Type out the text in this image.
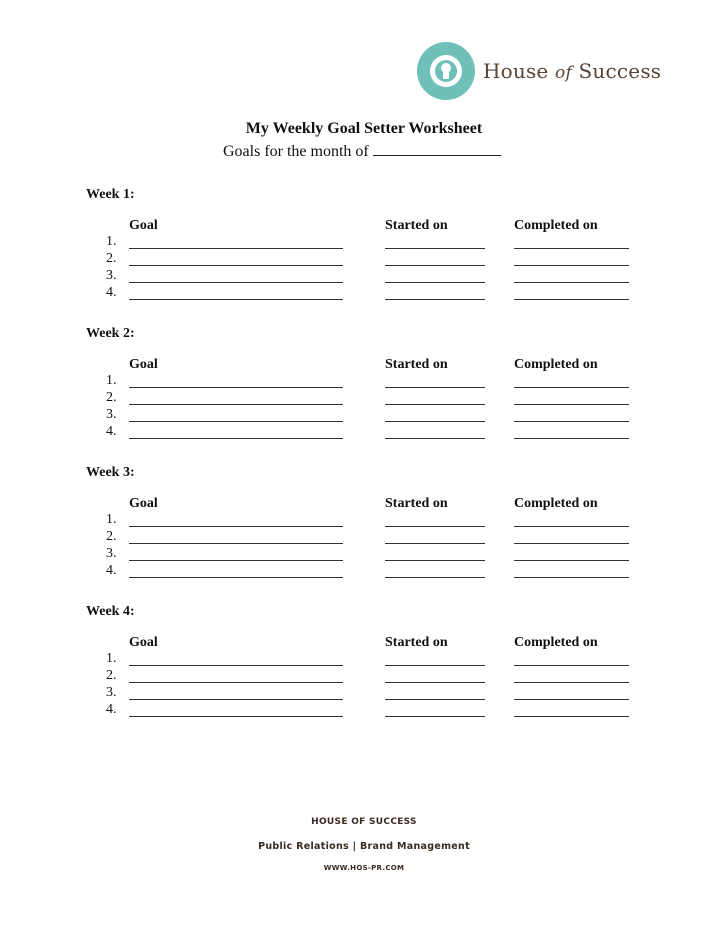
House of Success
My Weekly Goal Setter Worksheet
Goals for the month of
Week 1:
Goal	Started on	Completed on
1.
2.
3.
4.
Week 2:
Goal	Started on	Completed on
1.
2.
3.
4.
Week 3:
Goal	Started on	Completed on
1.
2.
3.
4.
Week 4:
Goal	Started on	Completed on
1.
2.
3.
4.
HOUSE OF SUCCESS
Public Relations | Brand Management
WWW.HOS-PR.COM
